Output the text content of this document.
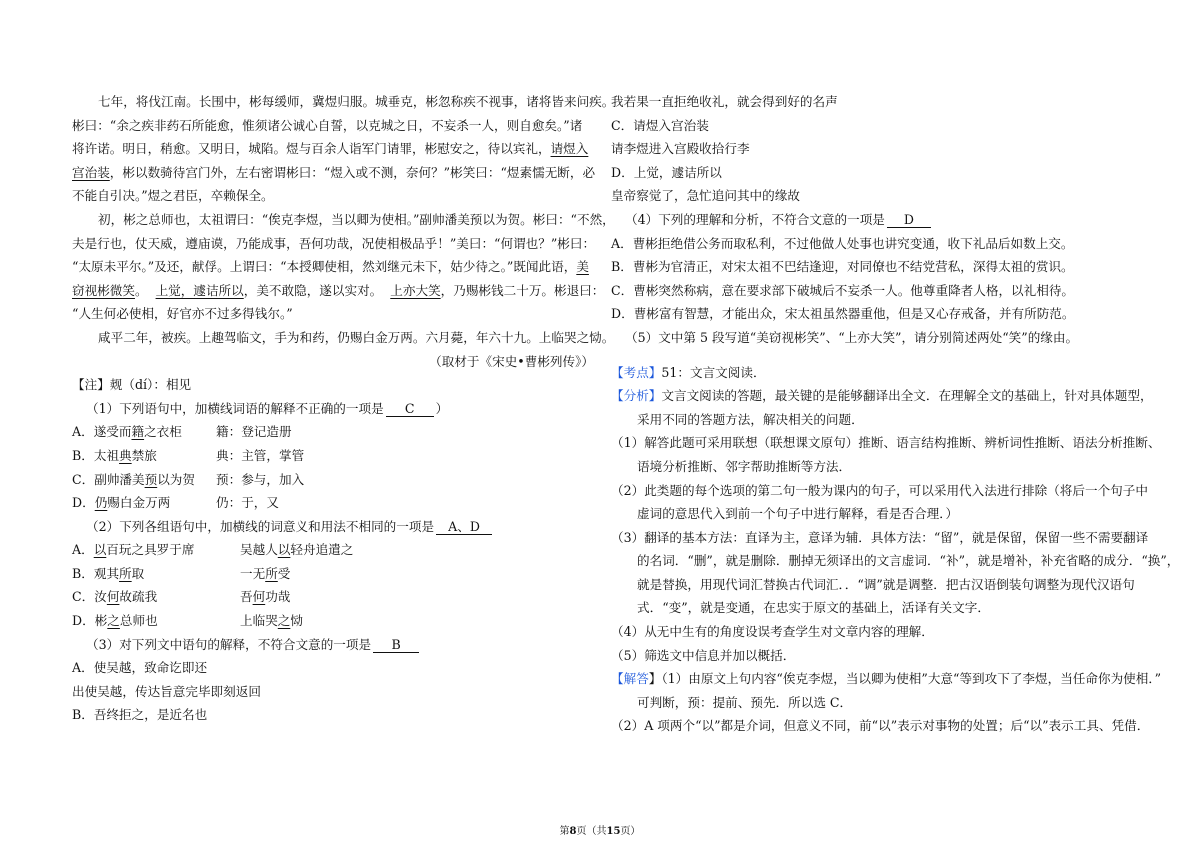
七年，将伐江南。长围中，彬每缓师，冀煜归服。城垂克，彬忽称疾不视事，诸将皆来问疾。
彬曰：“余之疾非药石所能愈，惟须诸公诚心自誓，以克城之日，不妄杀一人，则自愈矣。”诸
将许诺。明日，稍愈。又明日，城陷。煜与百余人诣军门请罪，彬慰安之，待以宾礼，请煜入
宫治装，彬以数骑待宫门外，左右密谓彬曰：“煜入或不测，奈何？”彬笑曰：“煜素懦无断，必
不能自引决。”煜之君臣，卒赖保全。
初，彬之总师也，太祖谓曰：“俟克李煜，当以卿为使相。”副帅潘美预以为贺。彬曰：“不然，
夫是行也，仗天威，遵庙谟，乃能成事，吾何功哉，况使相极品乎！”美曰：“何谓也？”彬曰：
“太原未平尔。”及还，献俘。上谓曰：“本授卿使相，然刘继元未下，姑少待之。”既闻此语，美
窃视彬微笑。 上觉，遽诘所以，美不敢隐，遂以实对。 上亦大笑，乃赐彬钱二十万。彬退曰：
“人生何必使相，好官亦不过多得钱尔。”
咸平二年，被疾。上趣驾临文，手为和药，仍赐白金万两。六月薨，年六十九。上临哭之恸。
（取材于《宋史•曹彬列传》）
【注】觌（dí）：相见
（1）下列语句中，加横线词语的解释不正确的一项是 C ）
A．遂受而籍之衣柜	籍：登记造册
B．太祖典禁旅	典：主管，掌管
C．副帅潘美预以为贺	预：参与，加入
D．仍赐白金万两	仍：于，又
（2）下列各组语句中，加横线的词意义和用法不相同的一项是 A、D
A．以百玩之具罗于席	吴越人以轻舟追遣之
B．观其所取	一无所受
C．汝何故疏我	吾何功哉
D．彬之总师也	上临哭之恸
（3）对下列文中语句的解释，不符合文意的一项是 B
A．使吴越，致命讫即还
出使吴越，传达旨意完毕即刻返回
B．吾终拒之，是近名也
我若果一直拒绝收礼，就会得到好的名声
C．请煜入宫治装
请李煜进入宫殿收拾行李
D．上觉，遽诘所以
皇帝察觉了，急忙追问其中的缘故
（4）下列的理解和分析，不符合文意的一项是 D
A．曹彬拒绝借公务而取私利，不过他做人处事也讲究变通，收下礼品后如数上交。
B．曹彬为官清正，对宋太祖不巴结逢迎，对同僚也不结党营私，深得太祖的赏识。
C．曹彬突然称病，意在要求部下破城后不妄杀一人。他尊重降者人格，以礼相待。
D．曹彬富有智慧，才能出众，宋太祖虽然器重他，但是又心存戒备，并有所防范。
（5）文中第 5 段写道“美窃视彬笑”、“上亦大笑”，请分别简述两处“笑”的缘由。
【考点】51：文言文阅读．
【分析】文言文阅读的答题，最关键的是能够翻译出全文．在理解全文的基础上，针对具体题型，
采用不同的答题方法，解决相关的问题．
（1）解答此题可采用联想（联想课文原句）推断、语言结构推断、辨析词性推断、语法分析推断、
语境分析推断、邻字帮助推断等方法．
（2）此类题的每个选项的第二句一般为课内的句子，可以采用代入法进行排除（将后一个句子中
虚词的意思代入到前一个句子中进行解释，看是否合理．）
（3）翻译的基本方法：直译为主，意译为辅．具体方法：“留”，就是保留，保留一些不需要翻译
的名词．“删”，就是删除．删掉无须译出的文言虚词．“补”，就是增补，补充省略的成分．“换”，
就是替换，用现代词汇替换古代词汇．．“调”就是调整．把古汉语倒装句调整为现代汉语句
式．“变”，就是变通，在忠实于原文的基础上，活译有关文字．
（4）从无中生有的角度设误考查学生对文章内容的理解．
（5）筛选文中信息并加以概括．
【解答】（1）由原文上句内容“俟克李煜，当以卿为使相”大意“等到攻下了李煜，当任命你为使相．”
可判断，预：提前、预先．所以选 C．
（2）A 项两个“以”都是介词，但意义不同，前“以”表示对事物的处置；后“以”表示工具、凭借．
第8页（共15页）
